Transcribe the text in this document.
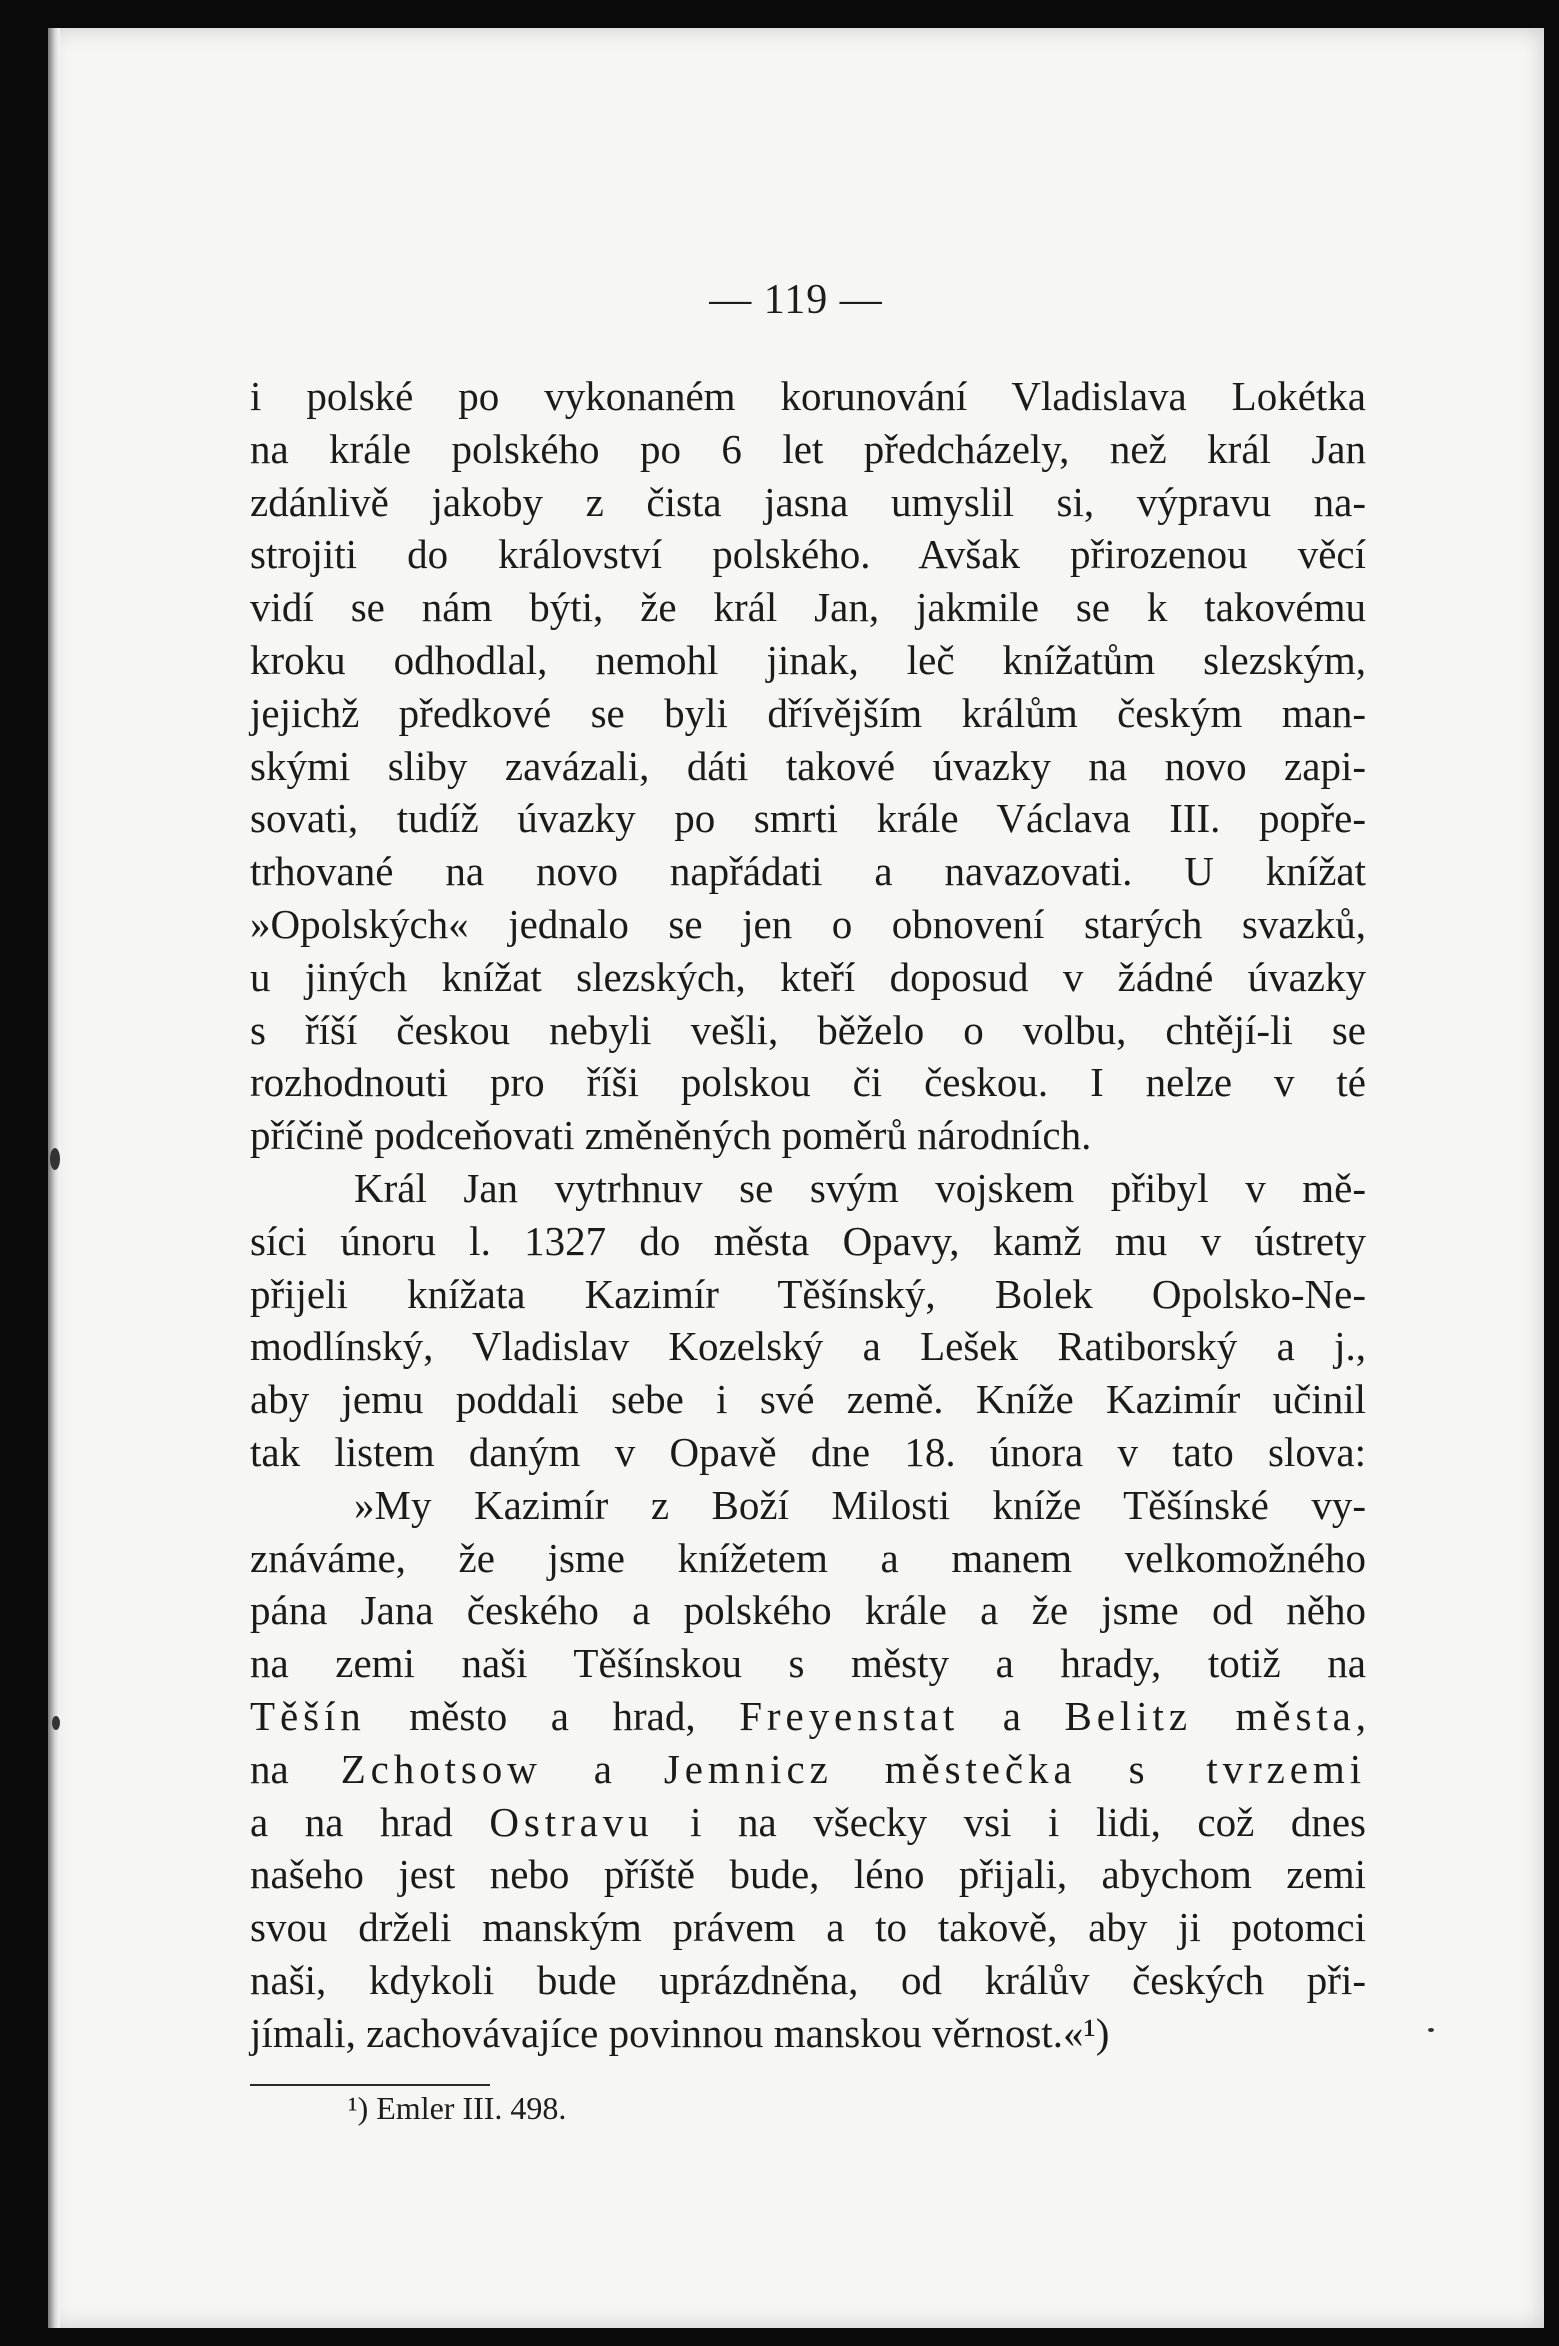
— 119 —
i polské po vykonaném korunování Vladislava Lokétka
na krále polského po 6 let předcházely, než král Jan
zdánlivě jakoby z čista jasna umyslil si, výpravu na-
strojiti do království polského. Avšak přirozenou věcí
vidí se nám býti, že král Jan, jakmile se k takovému
kroku odhodlal, nemohl jinak, leč knížatům slezským,
jejichž předkové se byli dřívějším králům českým man-
skými sliby zavázali, dáti takové úvazky na novo zapi-
sovati, tudíž úvazky po smrti krále Václava III. popře-
trhované na novo napřádati a navazovati. U knížat
»Opolských« jednalo se jen o obnovení starých svazků,
u jiných knížat slezských, kteří doposud v žádné úvazky
s říší českou nebyli vešli, běželo o volbu, chtějí-li se
rozhodnouti pro říši polskou či českou. I nelze v té
příčině podceňovati změněných poměrů národních.
Král Jan vytrhnuv se svým vojskem přibyl v mě-
síci únoru l. 1327 do města Opavy, kamž mu v ústrety
přijeli knížata Kazimír Těšínský, Bolek Opolsko-Ne-
modlínský, Vladislav Kozelský a Lešek Ratiborský a j.,
aby jemu poddali sebe i své země. Kníže Kazimír učinil
tak listem daným v Opavě dne 18. února v tato slova:
»My Kazimír z Boží Milosti kníže Těšínské vy-
znáváme, že jsme knížetem a manem velkomožného
pána Jana českého a polského krále a že jsme od něho
na zemi naši Těšínskou s městy a hrady, totiž na
Těšín město a hrad, Freyenstat a Belitz města,
na Zchotsow a Jemnicz městečka s tvrzemi
a na hrad Ostravu i na všecky vsi i lidi, což dnes
našeho jest nebo příště bude, léno přijali, abychom zemi
svou drželi manským právem a to takově, aby ji potomci
naši, kdykoli bude uprázdněna, od králův českých při-
jímali, zachovávajíce povinnou manskou věrnost.«¹)
¹) Emler III. 498.
